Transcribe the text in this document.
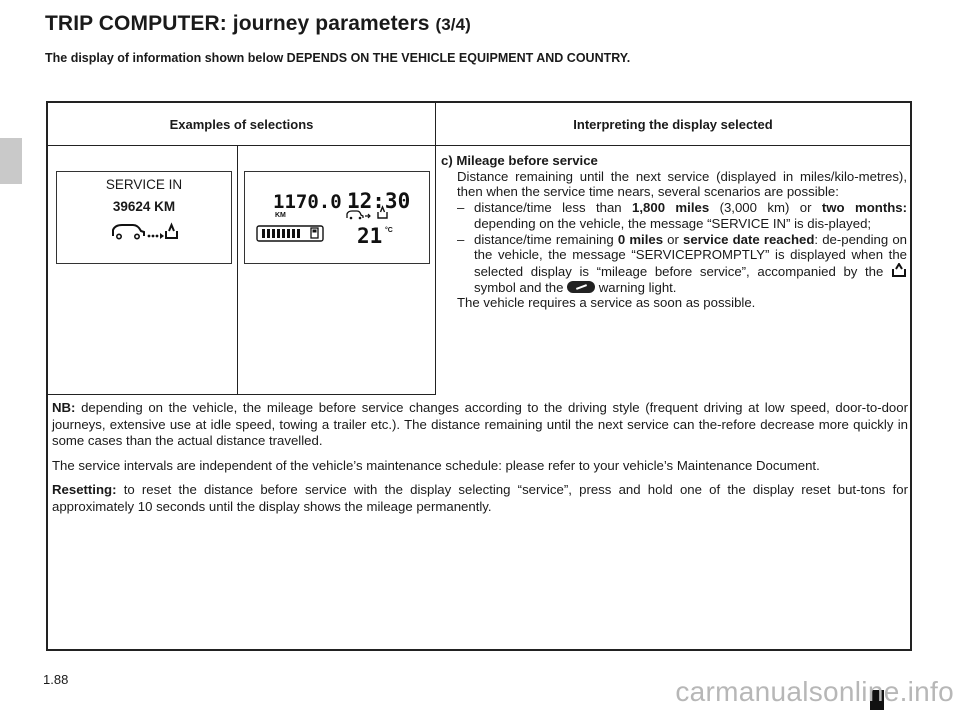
TRIP COMPUTER: journey parameters (3/4)
The display of information shown below DEPENDS ON THE VEHICLE EQUIPMENT AND COUNTRY.
Examples of selections	Interpreting the display selected
SERVICE IN
39624 KM	1170.0
KM
12:30
21 °C

c) Mileage before service

Distance remaining until the next service (displayed in miles/kilo-metres), then when the service time nears, several scenarios are possible:

– distance/time less than 1,800 miles (3,000 km) or two months: depending on the vehicle, the message “SERVICE IN” is dis-played;

– distance/time remaining 0 miles or service date reached: de-pending on the vehicle, the message “SERVICEPROMPTLY” is displayed when the selected display is “mileage before service”, accompanied by the  symbol and the  warning light.

The vehicle requires a service as soon as possible.

NB: depending on the vehicle, the mileage before service changes according to the driving style (frequent driving at low speed, door-to-door journeys, extensive use at idle speed, towing a trailer etc.). The distance remaining until the next service can the-refore decrease more quickly in some cases than the actual distance travelled.

The service intervals are independent of the vehicle’s maintenance schedule: please refer to your vehicle’s Maintenance Document.

Resetting: to reset the distance before service with the display selecting “service”, press and hold one of the display reset but-tons for approximately 10 seconds until the display shows the mileage permanently.

1.88	carmanualsonline.info
